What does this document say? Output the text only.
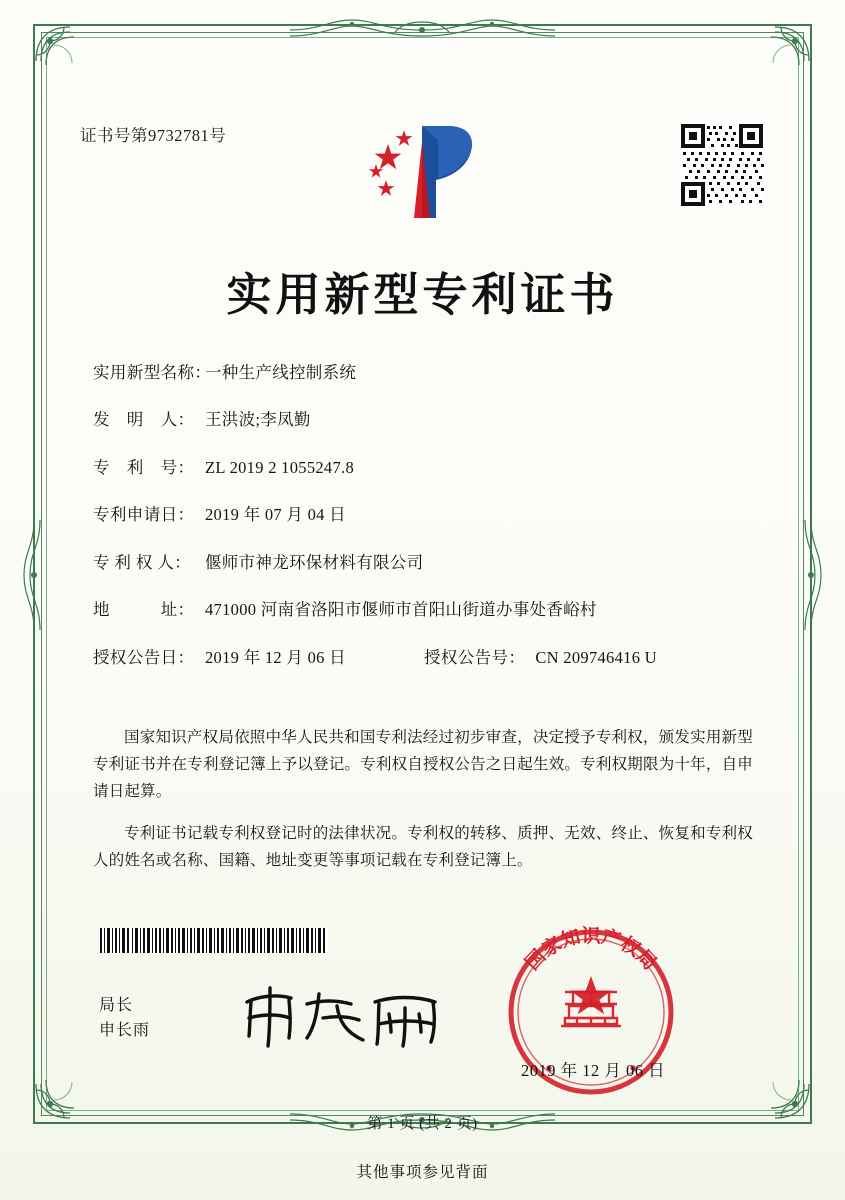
证书号第9732781号
实用新型专利证书
实用新型名称：
一种生产线控制系统
发　明　人： 王洪波;李凤勤
专　利　号： ZL 2019 2 1055247.8
专利申请日： 2019 年 07 月 04 日
专 利 权 人： 偃师市神龙环保材料有限公司
地　　　址： 471000 河南省洛阳市偃师市首阳山街道办事处香峪村
授权公告日： 2019 年 12 月 06 日	授权公告号： CN 209746416 U

国家知识产权局依照中华人民共和国专利法经过初步审查，决定授予专利权，颁发实用新型专利证书并在专利登记簿上予以登记。专利权自授权公告之日起生效。专利权期限为十年，自申请日起算。

专利证书记载专利权登记时的法律状况。专利权的转移、质押、无效、终止、恢复和专利权人的姓名或名称、国籍、地址变更等事项记载在专利登记簿上。

局长
申长雨
国家知识产权局
2019 年 12 月 06 日
第 1 页 (共 2 页)
其他事项参见背面
